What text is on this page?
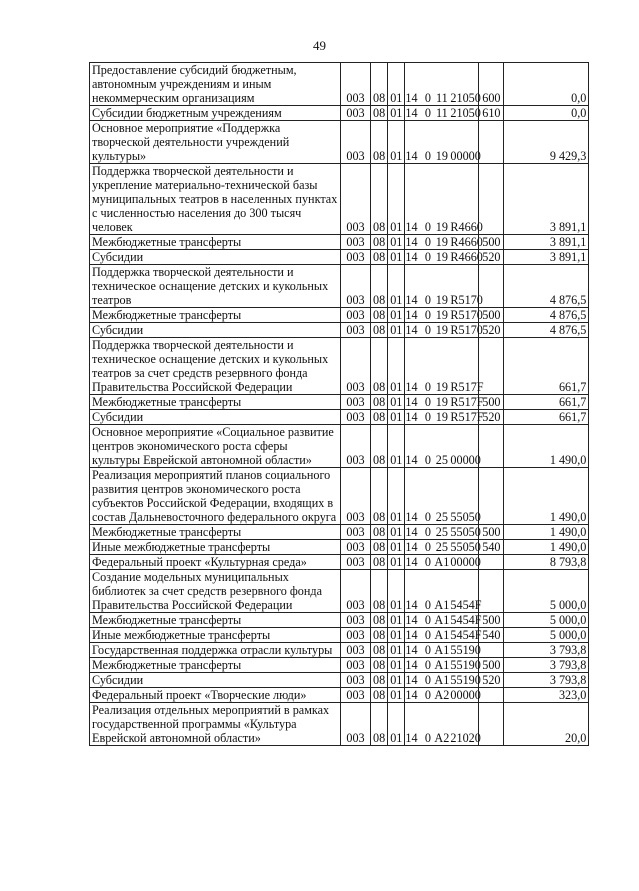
49
Предоставление субсидий бюджетным, автономным учреждениям и иным некоммерческим организациям	003	08	01	14 0 11 21050	600	0,0
Субсидии бюджетным учреждениям	003	08	01	14 0 11 21050	610	0,0
Основное мероприятие «Поддержка творческой деятельности учреждений культуры»	003	08	01	14 0 19 00000		9 429,3
Поддержка творческой деятельности и укрепление материально-технической базы муниципальных театров в населенных пунктах с численностью населения до 300 тысяч человек	003	08	01	14 0 19 R4660		3 891,1
Межбюджетные трансферты	003	08	01	14 0 19 R4660	500	3 891,1
Субсидии	003	08	01	14 0 19 R4660	520	3 891,1
Поддержка творческой деятельности и техническое оснащение детских и кукольных театров	003	08	01	14 0 19 R5170		4 876,5
Межбюджетные трансферты	003	08	01	14 0 19 R5170	500	4 876,5
Субсидии	003	08	01	14 0 19 R5170	520	4 876,5
Поддержка творческой деятельности и техническое оснащение детских и кукольных театров за счет средств резервного фонда Правительства Российской Федерации	003	08	01	14 0 19 R517F		661,7
Межбюджетные трансферты	003	08	01	14 0 19 R517F	500	661,7
Субсидии	003	08	01	14 0 19 R517F	520	661,7
Основное мероприятие «Социальное развитие центров экономического роста сферы культуры Еврейской автономной области»	003	08	01	14 0 25 00000		1 490,0
Реализация мероприятий планов социального развития центров экономического роста субъектов Российской Федерации, входящих в состав Дальневосточного федерального округа	003	08	01	14 0 25 55050		1 490,0
Межбюджетные трансферты	003	08	01	14 0 25 55050	500	1 490,0
Иные межбюджетные трансферты	003	08	01	14 0 25 55050	540	1 490,0
Федеральный проект «Культурная среда»	003	08	01	14 0 A100000		8 793,8
Создание модельных муниципальных библиотек за счет средств резервного фонда Правительства Российской Федерации	003	08	01	14 0 A15454F		5 000,0
Межбюджетные трансферты	003	08	01	14 0 A15454F	500	5 000,0
Иные межбюджетные трансферты	003	08	01	14 0 A15454F	540	5 000,0
Государственная поддержка отрасли культуры	003	08	01	14 0 A155190		3 793,8
Межбюджетные трансферты	003	08	01	14 0 A155190	500	3 793,8
Субсидии	003	08	01	14 0 A155190	520	3 793,8
Федеральный проект «Творческие люди»	003	08	01	14 0 A200000		323,0
Реализация отдельных мероприятий в рамках государственной программы «Культура Еврейской автономной области»	003	08	01	14 0 A221020		20,0
